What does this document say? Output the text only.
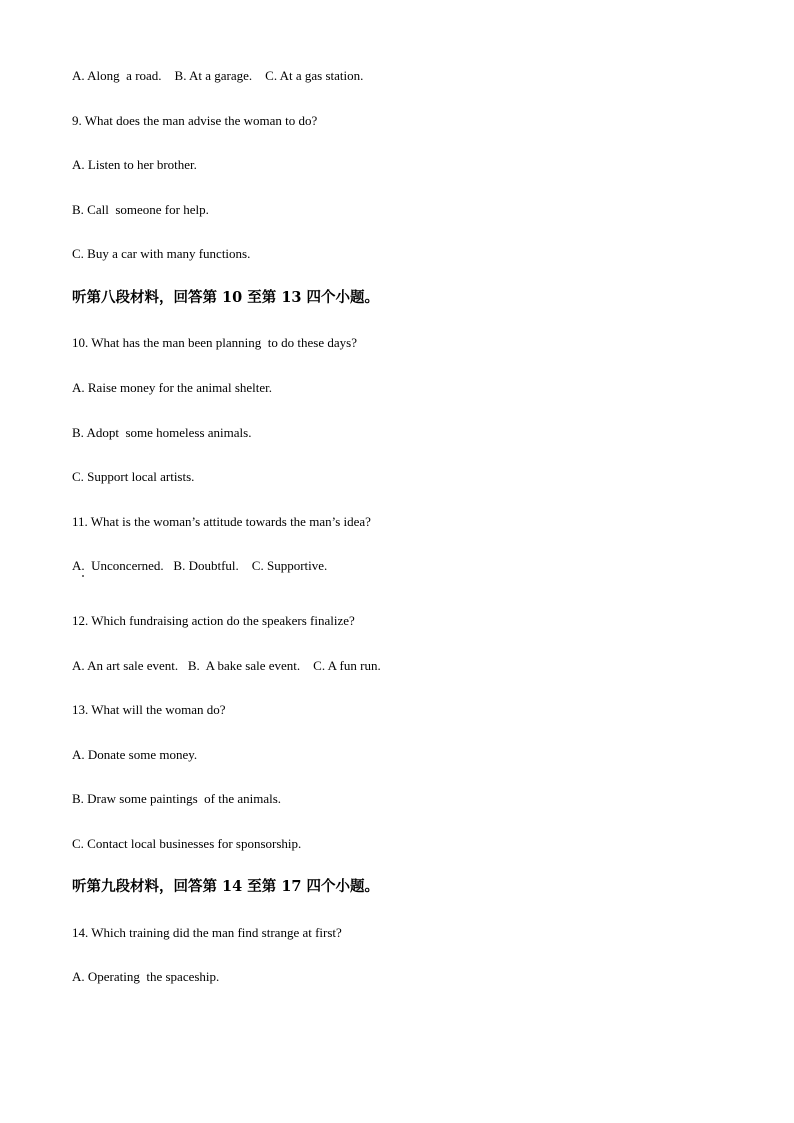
A. Along  a road.    B. At a garage.    C. At a gas station.

9. What does the man advise the woman to do?

A. Listen to her brother.

B. Call  someone for help.

C. Buy a car with many functions.

听第八段材料，回答第 10 至第 13 四个小题。

10. What has the man been planning  to do these days?

A. Raise money for the animal shelter.

B. Adopt  some homeless animals.

C. Support local artists.

11. What is the woman’s attitude towards the man’s idea?

A.  Unconcerned.   B. Doubtful.    C. Supportive.

12. Which fundraising action do the speakers finalize?

A. An art sale event.   B.  A bake sale event.    C. A fun run.

13. What will the woman do?

A. Donate some money.

B. Draw some paintings  of the animals.

C. Contact local businesses for sponsorship.

听第九段材料，回答第 14 至第 17 四个小题。

14. Which training did the man find strange at first?

A. Operating  the spaceship.
